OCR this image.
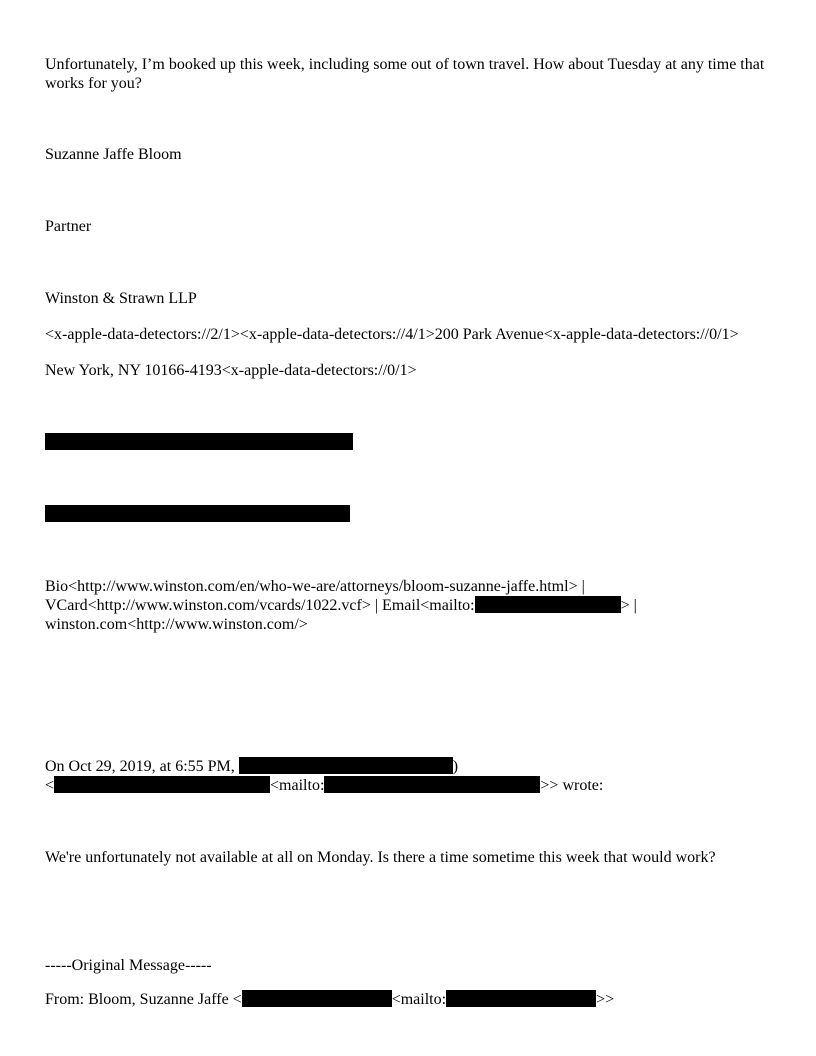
Unfortunately, I’m booked up this week, including some out of town travel. How about Tuesday at any time that works for you?

Suzanne Jaffe Bloom

Partner

Winston & Strawn LLP

<x-apple-data-detectors://2/1><x-apple-data-detectors://4/1>200 Park Avenue<x-apple-data-detectors://0/1>

New York, NY 10166-4193<x-apple-data-detectors://0/1>

Bio<http://www.winston.com/en/who-we-are/attorneys/bloom-suzanne-jaffe.html> |

VCard<http://www.winston.com/vcards/1022.vcf> | Email<mailto:	> |

winston.com<http://www.winston.com/>

On Oct 29, 2019, at 6:55 PM,	)

<	<mailto:	>> wrote:

We're unfortunately not available at all on Monday. Is there a time sometime this week that would work?

-----Original Message-----

From: Bloom, Suzanne Jaffe <	<mailto:	>>
